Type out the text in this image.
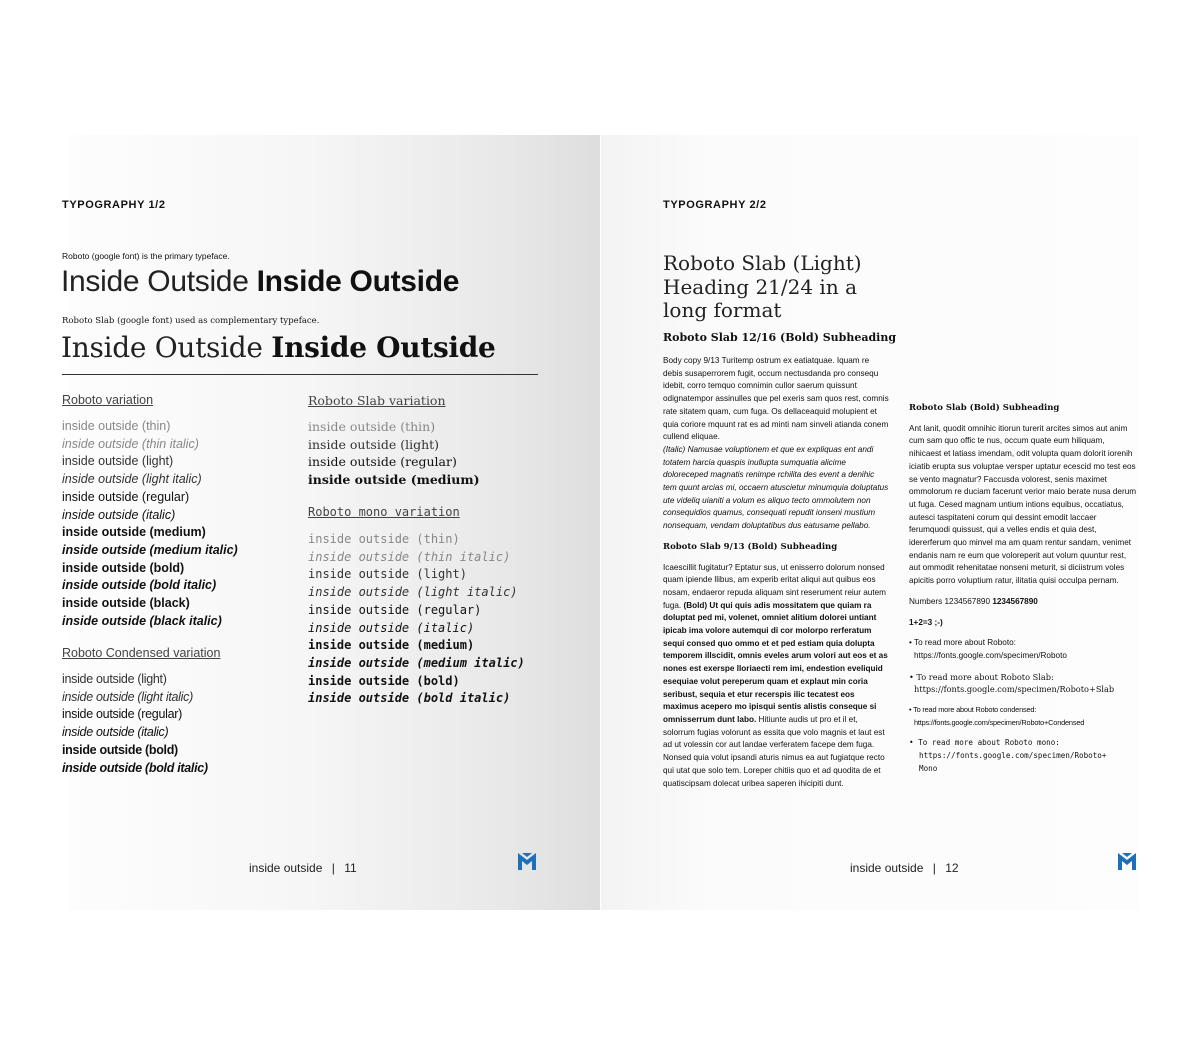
TYPOGRAPHY 1/2
Roboto (google font) is the primary typeface.
Inside Outside Inside Outside
Roboto Slab (google font) used as complementary typeface.
Inside Outside Inside Outside
Roboto variation
inside outside (thin)
inside outside (thin italic)
inside outside (light)
inside outside (light italic)
inside outside (regular)
inside outside (italic)
inside outside (medium)
inside outside (medium italic)
inside outside (bold)
inside outside (bold italic)
inside outside (black)
inside outside (black italic)
Roboto Condensed variation
inside outside (light)
inside outside (light italic)
inside outside (regular)
inside outside (italic)
inside outside (bold)
inside outside (bold italic)
Roboto Slab variation
inside outside (thin)
inside outside (light)
inside outside (regular)
inside outside (medium)
Roboto mono variation
inside outside (thin)
inside outside (thin italic)
inside outside (light)
inside outside (light italic)
inside outside (regular)
inside outside (italic)
inside outside (medium)
inside outside (medium italic)
inside outside (bold)
inside outside (bold italic)
inside outside | 11
TYPOGRAPHY 2/2
Roboto Slab (Light) Heading 21/24 in a long format
Roboto Slab 12/16 (Bold) Subheading

Body copy 9/13 Turitemp ostrum ex eatiatquae. Iquam re debis susaperrorem fugit, occum nectusdanda pro consequ idebit, corro temquo comnimin cullor saerum quissunt odignatempor assinulles que pel exeris sam quos rest, comnis rate sitatem quam, cum fuga. Os dellaceaquid molupient et quia coriore mquunt rat es ad minti nam sinveli atianda conem cullend eliquae.

(Italic) Namusae voluptionem et que ex expliquas ent andi totatem harcia quaspis inullupta sumquatia alicime doloreceped magnatis renimpe rchilita des event a denihic tem quunt arcias mi, occaern atuscietur minumquia doluptatus ute videliq uianiti a volum es aliquo tecto ommolutem non consequidios quamus, consequati repudit ionseni mustium nonsequam, vendam doluptatibus dus eatusame pellabo.

Roboto Slab 9/13 (Bold) Subheading

Icaescillit fugitatur? Eptatur sus, ut enisserro dolorum nonsed quam ipiende llibus, am experib eritat aliqui aut quibus eos nosam, endaeror repuda aliquam sint reserument reiur autem fuga. (Bold) Ut qui quis adis mossitatem que quiam ra doluptat ped mi, volenet, omniet alitium dolorei untiant ipicab ima volore autemqui di cor molorpo rerferatum sequi consed quo ommo et et ped estiam quia dolupta temporem illscidit, omnis eveles arum volori aut eos et as nones est exerspe lloriaecti rem imi, endestion eveliquid esequiae volut pereperum quam et explaut min coria seribust, sequia et etur recerspis ilic tecatest eos maximus acepero mo ipisqui sentis alistis conseque si omnisserrum dunt labo. Hitiunte audis ut pro et il et, solorrum fugias volorunt as essita que volo magnis et laut est ad ut volessin cor aut landae verferatem facepe dem fuga. Nonsed quia volut ipsandi aturis nimus ea aut fugiatque recto qui utat que solo tem. Loreper chitiis quo et ad quodita de et quatiscipsam dolecat uribea saperen ihicipiti dunt.

Roboto Slab (Bold) Subheading

Ant lanit, quodit omnihic itiorun turerit arcites simos aut anim cum sam quo offic te nus, occum quate eum hiliquam, nihicaest et latiass imendam, odit volupta quam dolorit iorenih iciatib erupta sus voluptae versper uptatur ecescid mo test eos se vento magnatur? Faccusda volorest, senis maximet ommolorum re duciam facerunt verior maio berate nusa derum ut fuga. Cesed magnam untium intions equibus, occatiatus, autesci taspitateni corum qui dessint emodit laccaer ferumquodi quissust, qui a velles endis et quia dest, idererferum quo minvel ma am quam rentur sandam, venimet endanis nam re eum que voloreperit aut volum quuntur rest, aut ommodit rehenitatae nonseni meturit, si diciistrum voles apicitis porro voluptium ratur, ilitatia quisi occulpa pernam.

Numbers 1234567890 1234567890

1+2=3 ;-)

• To read more about Roboto:
https://fonts.google.com/specimen/Roboto

• To read more about Roboto Slab:
https://fonts.google.com/specimen/Roboto+Slab

• To read more about Roboto condensed:
https://fonts.google.com/specimen/Roboto+Condensed

• To read more about Roboto mono:
https://fonts.google.com/specimen/Roboto+Mono

inside outside | 12
